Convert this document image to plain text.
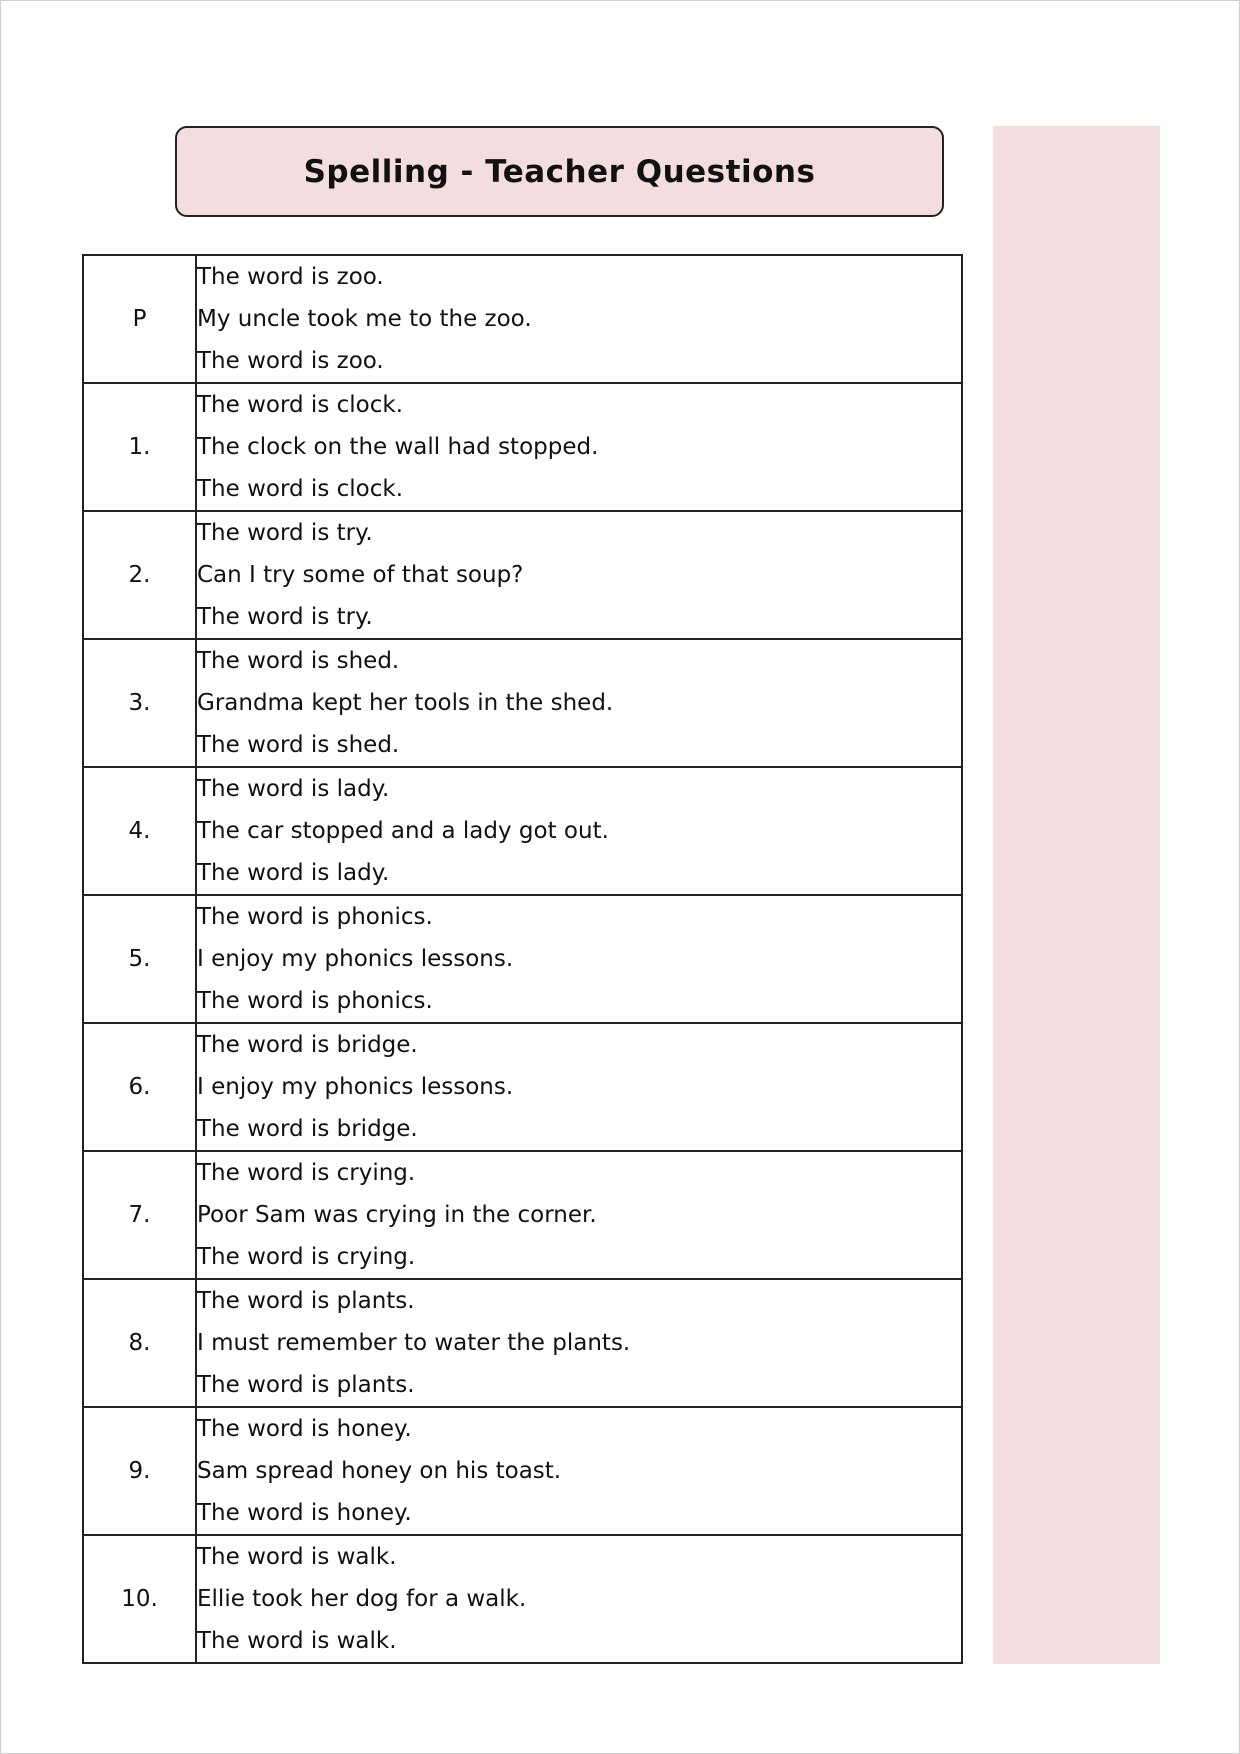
Spelling - Teacher Questions
P	The word is zoo.
My uncle took me to the zoo.
The word is zoo.

1.	The word is clock.
The clock on the wall had stopped.
The word is clock.

2.	The word is try.
Can I try some of that soup?
The word is try.

3.	The word is shed.
Grandma kept her tools in the shed.
The word is shed.

4.	The word is lady.
The car stopped and a lady got out.
The word is lady.

5.	The word is phonics.
I enjoy my phonics lessons.
The word is phonics.

6.	The word is bridge.
I enjoy my phonics lessons.
The word is bridge.

7.	The word is crying.
Poor Sam was crying in the corner.
The word is crying.

8.	The word is plants.
I must remember to water the plants.
The word is plants.

9.	The word is honey.
Sam spread honey on his toast.
The word is honey.

10.	The word is walk.
Ellie took her dog for a walk.
The word is walk.
